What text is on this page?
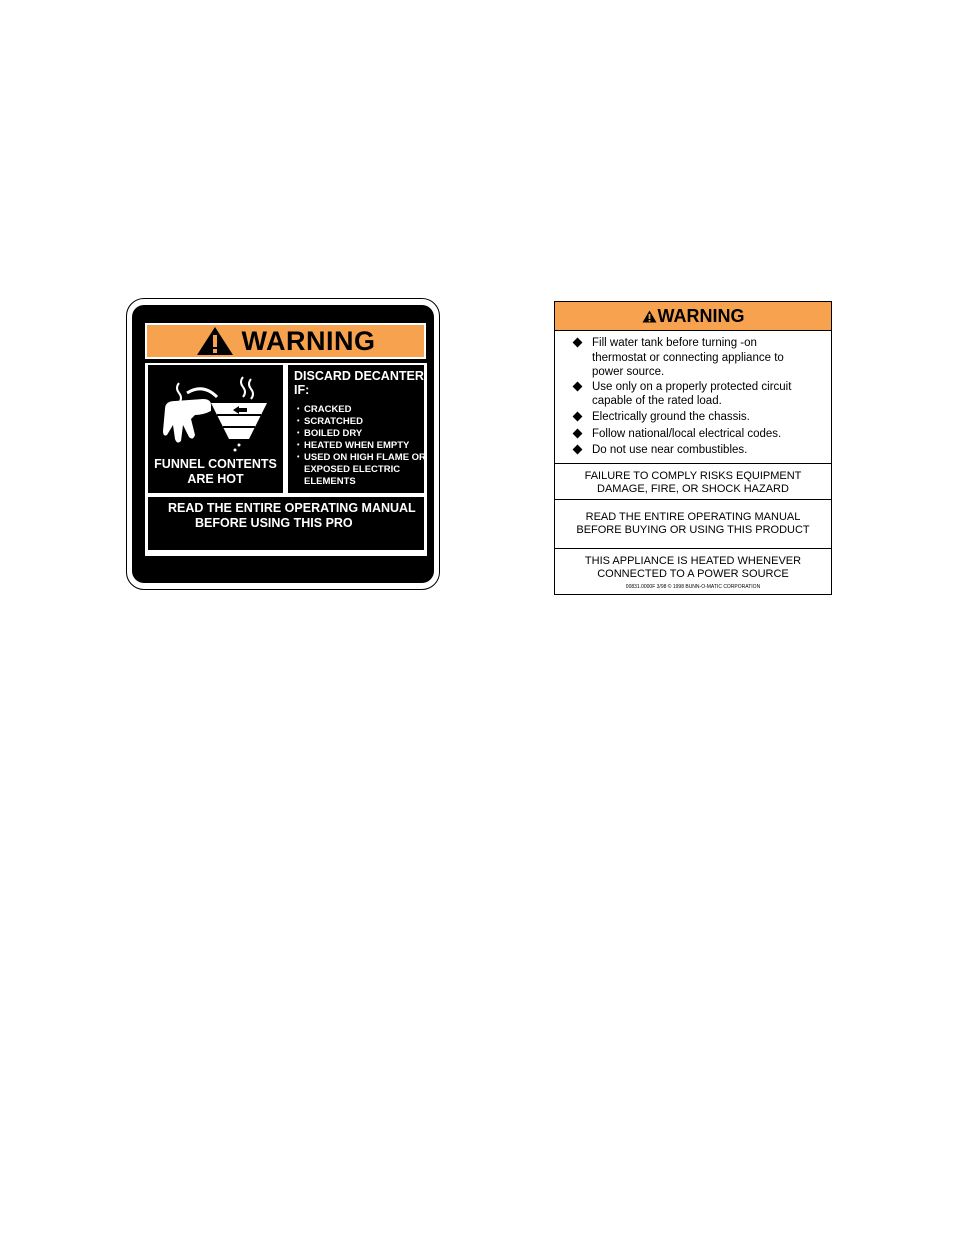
WARNING
FUNNEL CONTENTS
ARE HOT
DISCARD DECANTER
IF:
• CRACKED
• SCRATCHED
• BOILED DRY
• HEATED WHEN EMPTY
• USED ON HIGH FLAME OR EXPOSED ELECTRIC ELEMENTS
READ THE ENTIRE OPERATING MANUAL
BEFORE USING THIS PRO
WARNING
Fill water tank before turning -on thermostat or connecting appliance to power source.
Use only on a properly protected circuit capable of the rated load.
Electrically ground the chassis.
Follow national/local electrical codes.
Do not use near combustibles.
FAILURE TO COMPLY RISKS EQUIPMENT
DAMAGE, FIRE, OR SHOCK HAZARD
READ THE ENTIRE OPERATING MANUAL
BEFORE BUYING OR USING THIS PRODUCT
THIS APPLIANCE IS HEATED WHENEVER
CONNECTED TO A POWER SOURCE
00831.0000F 3/98 © 1998 BUNN-O-MATIC CORPORATION
